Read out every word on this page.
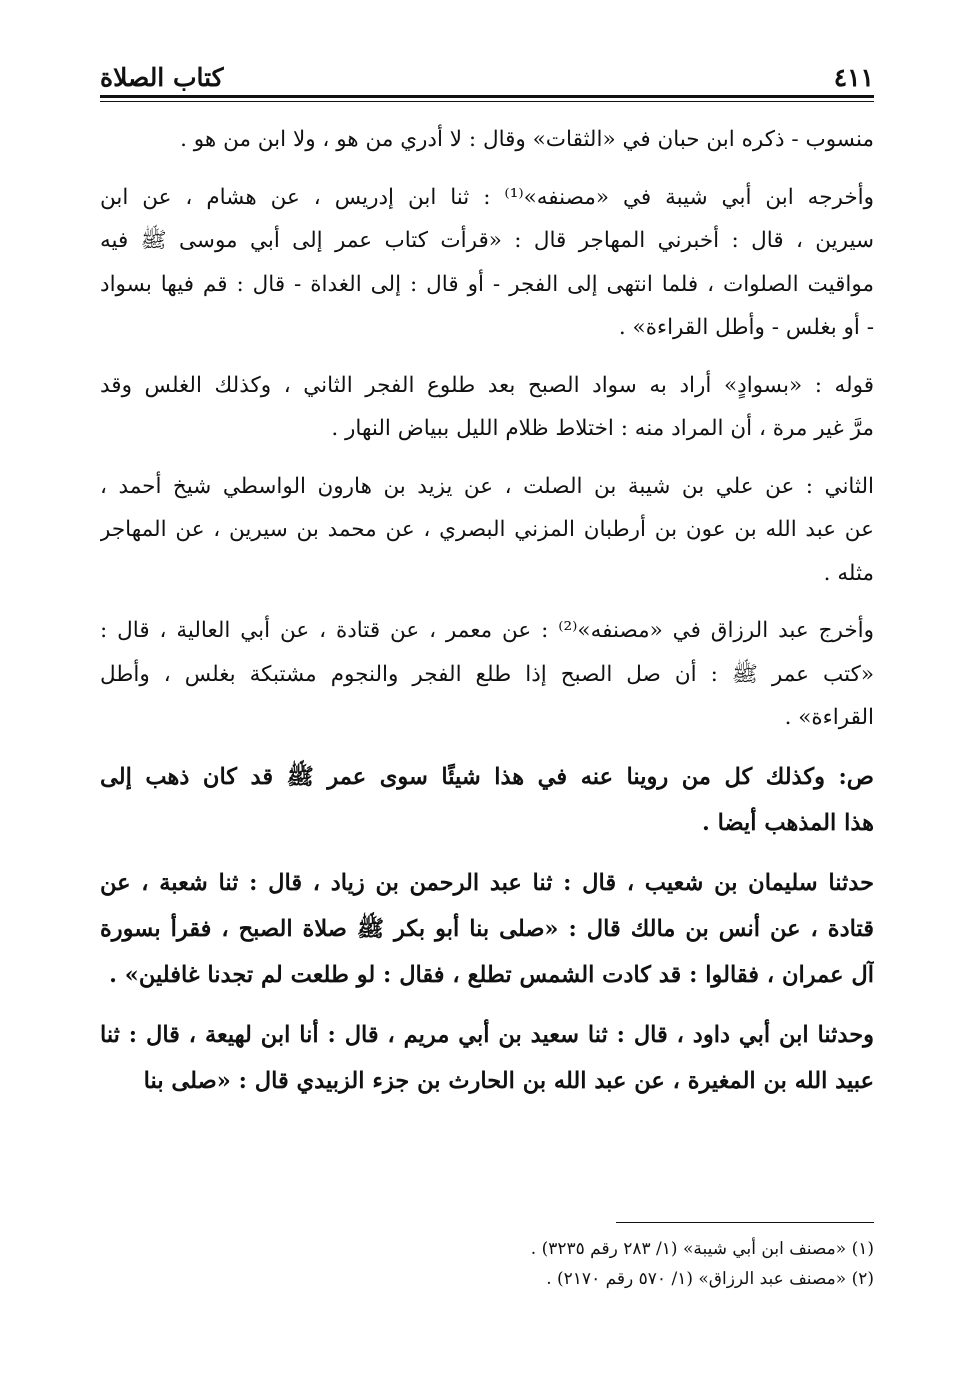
كتاب الصلاة	٤١١
منسوب - ذكره ابن حبان في «الثقات» وقال : لا أدري من هو ، ولا ابن من هو .
وأخرجه ابن أبي شيبة في «مصنفه»⁽¹⁾ : ثنا ابن إدريس ، عن هشام ، عن ابن
سيرين ، قال : أخبرني المهاجر قال : «قرأت كتاب عمر إلى أبي موسى ﷺ فيه
مواقيت الصلوات ، فلما انتهى إلى الفجر - أو قال : إلى الغداة - قال : قم فيها بسواد
- أو بغلس - وأطل القراءة» .
قوله : «بسوادٍ» أراد به سواد الصبح بعد طلوع الفجر الثاني ، وكذلك الغلس وقد
مرَّ غير مرة ، أن المراد منه : اختلاط ظلام الليل ببياض النهار .
الثاني : عن علي بن شيبة بن الصلت ، عن يزيد بن هارون الواسطي شيخ أحمد ،
عن عبد الله بن عون بن أرطبان المزني البصري ، عن محمد بن سيرين ، عن المهاجر
مثله .
وأخرج عبد الرزاق في «مصنفه»⁽²⁾ : عن معمر ، عن قتادة ، عن أبي العالية ، قال :
«كتب عمر ﷺ : أن صل الصبح إذا طلع الفجر والنجوم مشتبكة بغلس ، وأطل
القراءة» .
ص: وكذلك كل من روينا عنه في هذا شيئًا سوى عمر ﷺ قد كان ذهب إلى
هذا المذهب أيضا .
حدثنا سليمان بن شعيب ، قال : ثنا عبد الرحمن بن زياد ، قال : ثنا شعبة ، عن
قتادة ، عن أنس بن مالك قال : «صلى بنا أبو بكر ﷺ صلاة الصبح ، فقرأ بسورة
آل عمران ، فقالوا : قد كادت الشمس تطلع ، فقال : لو طلعت لم تجدنا غافلين» .
وحدثنا ابن أبي داود ، قال : ثنا سعيد بن أبي مريم ، قال : أنا ابن لهيعة ، قال : ثنا
عبيد الله بن المغيرة ، عن عبد الله بن الحارث بن جزء الزبيدي قال : «صلى بنا
(١) «مصنف ابن أبي شيبة» (١/ ٢٨٣ رقم ٣٢٣٥) .
(٢) «مصنف عبد الرزاق» (١/ ٥٧٠ رقم ٢١٧٠) .
